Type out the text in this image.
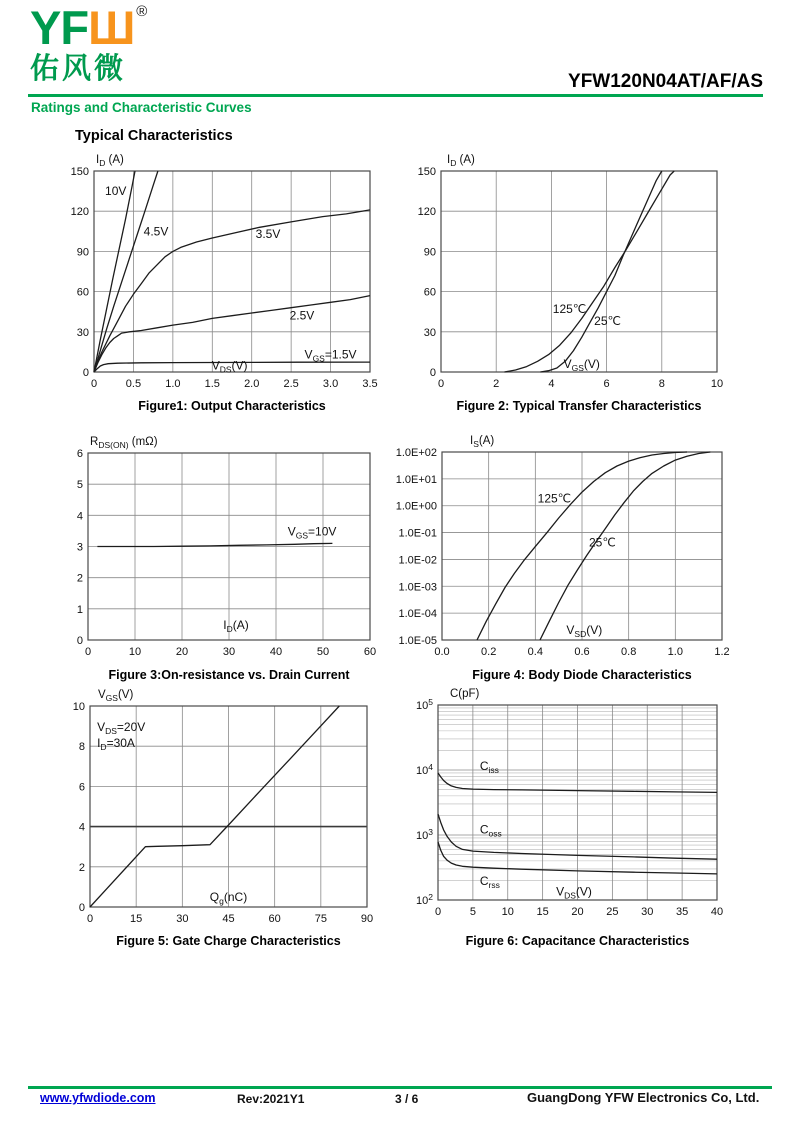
YFШ ®
佑风微	YFW120N04AT/AF/AS
Ratings and Characteristic Curves
Typical Characteristics
0	0.5 1.0 1.5 2.0 2.5 3.0 3.5
0
30
60
90
120
150
$I_D$ (A)
10V
4.5V	3.5V
2.5V
$V_{GS}=1.5V$
$V_{DS}(V)$
0	2	4	6	8	10
0
30
60
90
120
150
$I_D$ (A)
125℃
25℃
$V_{GS}(V)$
0	10	20	30	40	50	60
0
1
2
3
4
5
6
$R_{DS(ON)}$ (mΩ)
$V_{GS}=10V$
$I_D(A)$
0.0	0.2	0.4	0.6	0.8	1.0	1.2
1.0E+02
1.0E+01
1.0E+00
1.0E-01
1.0E-02
1.0E-03
1.0E-04
1.0E-05
$I_S(A)$
125℃
25℃
$V_{SD}(V)$
0	15	30	45	60	75	90
0
2
4
6
8
10
$V_{GS}(V)$
$V_{DS}=20V$
$I_D=30A$
$Q_g(nC)$
0	5 10 15 20 25 30 35 40
$10^5$
$10^4$
$10^3$
$10^2$
C(pF)
$C_{iss}$
$C_{oss}$
$C_{rss}$	$V_{DS}(V)$
Figure1: Output Characteristics	Figure 2: Typical Transfer Characteristics
Figure 3:On-resistance vs. Drain Current	Figure 4: Body Diode Characteristics
Figure 5: Gate Charge Characteristics	Figure 6: Capacitance Characteristics
www.yfwdiode.com	Rev:2021Y1	3 / 6	GuangDong YFW Electronics Co, Ltd.
